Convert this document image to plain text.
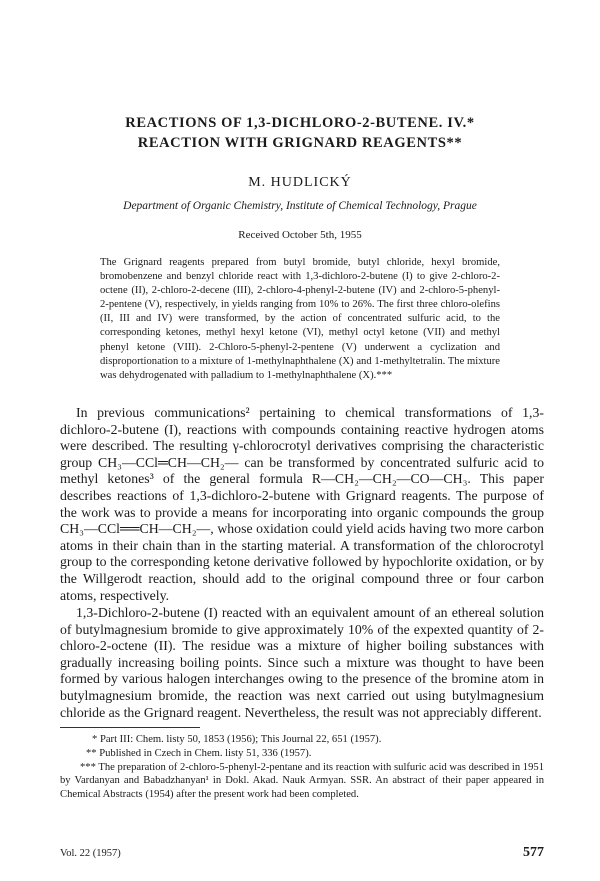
REACTIONS OF 1,3-DICHLORO-2-BUTENE. IV.*
REACTION WITH GRIGNARD REAGENTS**
M. HUDLICKÝ
Department of Organic Chemistry, Institute of Chemical Technology, Prague
Received October 5th, 1955

The Grignard reagents prepared from butyl bromide, butyl chloride, hexyl bromide, bromobenzene and benzyl chloride react with 1,3-dichloro-2-butene (I) to give 2-chloro-2-octene (II), 2-chloro-2-decene (III), 2-chloro-4-phenyl-2-butene (IV) and 2-chloro-5-phenyl-2-pentene (V), respectively, in yields ranging from 10% to 26%. The first three chloro-olefins (II, III and IV) were transformed, by the action of concentrated sulfuric acid, to the corresponding ketones, methyl hexyl ketone (VI), methyl octyl ketone (VII) and methyl phenyl ketone (VIII). 2-Chloro-5-phenyl-2-pentene (V) underwent a cyclization and disproportionation to a mixture of 1-methylnaphthalene (X) and 1-methyltetralin. The mixture was dehydrogenated with palladium to 1-methylnaphthalene (X).***

In previous communications² pertaining to chemical transformations of 1,3-dichloro-2-butene (I), reactions with compounds containing reactive hydrogen atoms were described. The resulting γ-chlorocrotyl derivatives comprising the characteristic group CH₃—CCl═CH—CH₂— can be transformed by concentrated sulfuric acid to methyl ketones³ of the general formula R—CH₂—CH₂—CO—CH₃. This paper describes reactions of 1,3-dichloro-2-butene with Grignard reagents. The purpose of the work was to provide a means for incorporating into organic compounds the group CH₃—CCl══CH—CH₂—, whose oxidation could yield acids having two more carbon atoms in their chain than in the starting material. A transformation of the chlorocrotyl group to the corresponding ketone derivative followed by hypochlorite oxidation, or by the Willgerodt reaction, should add to the original compound three or four carbon atoms, respectively.

1,3-Dichloro-2-butene (I) reacted with an equivalent amount of an ethereal solution of butylmagnesium bromide to give approximately 10% of the expexted quantity of 2-chloro-2-octene (II). The residue was a mixture of higher boiling substances with gradually increasing boiling points. Since such a mixture was thought to have been formed by various halogen interchanges owing to the presence of the bromine atom in butylmagnesium bromide, the reaction was next carried out using butylmagnesium chloride as the Grignard reagent. Nevertheless, the result was not appreciably different.

* Part III: Chem. listy 50, 1853 (1956); This Journal 22, 651 (1957).

** Published in Czech in Chem. listy 51, 336 (1957).

*** The preparation of 2-chloro-5-phenyl-2-pentane and its reaction with sulfuric acid was described in 1951 by Vardanyan and Babadzhanyan¹ in Dokl. Akad. Nauk Armyan. SSR. An abstract of their paper appeared in Chemical Abstracts (1954) after the present work had been completed.

Vol. 22 (1957)	577
